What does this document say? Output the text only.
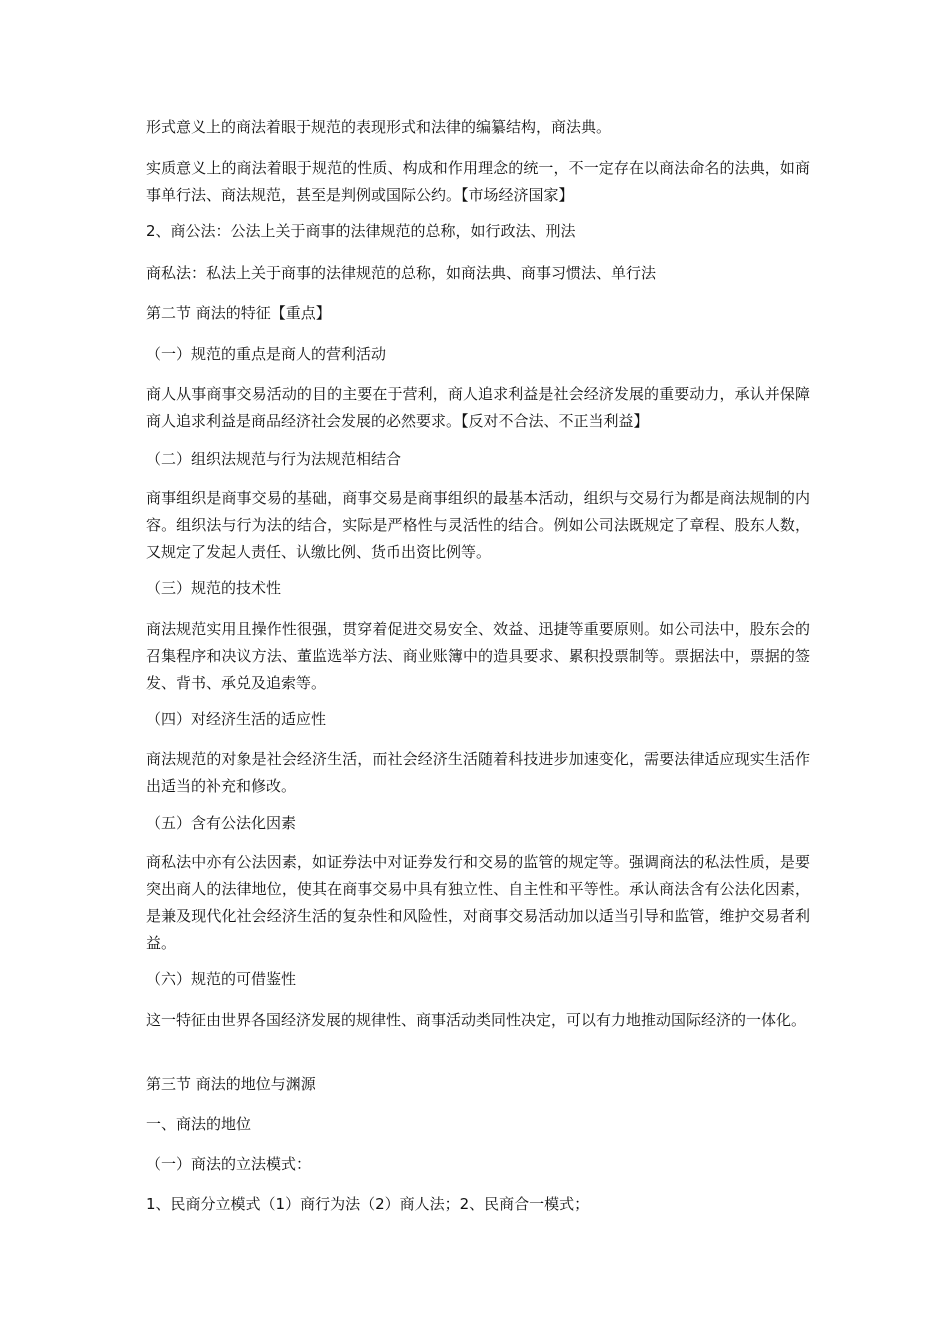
形式意义上的商法着眼于规范的表现形式和法律的编纂结构，商法典。

实质意义上的商法着眼于规范的性质、构成和作用理念的统一，不一定存在以商法命名的法典，如商事单行法、商法规范，甚至是判例或国际公约。【市场经济国家】

2、商公法：公法上关于商事的法律规范的总称，如行政法、刑法

商私法：私法上关于商事的法律规范的总称，如商法典、商事习惯法、单行法

第二节 商法的特征【重点】

（一）规范的重点是商人的营利活动

商人从事商事交易活动的目的主要在于营利，商人追求利益是社会经济发展的重要动力，承认并保障商人追求利益是商品经济社会发展的必然要求。【反对不合法、不正当利益】

（二）组织法规范与行为法规范相结合

商事组织是商事交易的基础，商事交易是商事组织的最基本活动，组织与交易行为都是商法规制的内容。组织法与行为法的结合，实际是严格性与灵活性的结合。例如公司法既规定了章程、股东人数，又规定了发起人责任、认缴比例、货币出资比例等。

（三）规范的技术性

商法规范实用且操作性很强，贯穿着促进交易安全、效益、迅捷等重要原则。如公司法中，股东会的召集程序和决议方法、董监选举方法、商业账簿中的造具要求、累积投票制等。票据法中，票据的签发、背书、承兑及追索等。

（四）对经济生活的适应性

商法规范的对象是社会经济生活，而社会经济生活随着科技进步加速变化，需要法律适应现实生活作出适当的补充和修改。

（五）含有公法化因素

商私法中亦有公法因素，如证券法中对证券发行和交易的监管的规定等。强调商法的私法性质，是要突出商人的法律地位，使其在商事交易中具有独立性、自主性和平等性。承认商法含有公法化因素，是兼及现代化社会经济生活的复杂性和风险性，对商事交易活动加以适当引导和监管，维护交易者利益。

（六）规范的可借鉴性

这一特征由世界各国经济发展的规律性、商事活动类同性决定，可以有力地推动国际经济的一体化。

第三节 商法的地位与渊源

一、商法的地位

（一）商法的立法模式：

1、民商分立模式（1）商行为法（2）商人法；2、民商合一模式；
